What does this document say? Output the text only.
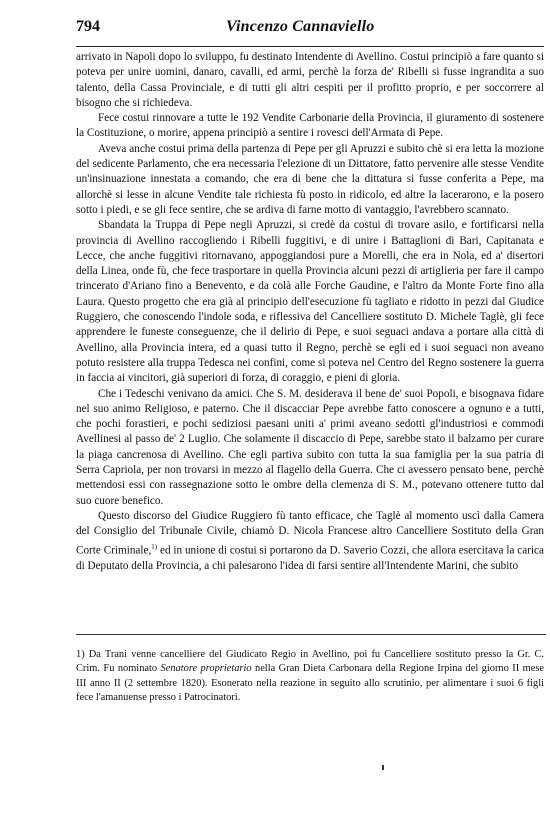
794	Vincenzo Cannaviello

arrivato in Napoli dopo lo sviluppo, fu destinato Intendente di Avellino. Costui principiò a fare quanto si poteva per unire uomini, danaro, cavalli, ed armi, perchè la forza de' Ribelli si fusse ingrandita a suo talento, della Cassa Provinciale, e di tutti gli altri cespiti per il profitto proprio, e per soccorrere al bisogno che si richiedeva.

Fece costui rinnovare a tutte le 192 Vendite Carbonarie della Provincia, il giuramento di sostenere la Costituzione, o morire, appena principiò a sentire i rovesci dell'Armata di Pepe.

Aveva anche costui prima della partenza di Pepe per gli Apruzzi e subito chè si era letta la mozione del sedicente Parlamento, che era necessaria l'elezione di un Dittatore, fatto pervenire alle stesse Vendite un'insinuazione innestata a comando, che era di bene che la dittatura si fusse conferita a Pepe, ma allorchè si lesse in alcune Vendite tale richiesta fù posto in ridicolo, ed altre la lacerarono, e la posero sotto i piedi, e se gli fece sentire, che se ardiva di farne motto di vantaggio, l'avrebbero scannato.

Sbandata la Truppa di Pepe negli Apruzzi, si credè da costui di trovare asilo, e fortificarsi nella provincia di Avellino raccogliendo i Ribelli fuggitivi, e di unire i Battaglioni di Bari, Capitanata e Lecce, che anche fuggitivi ritornavano, appoggiandosi pure a Morelli, che era in Nola, ed a' disertori della Linea, onde fù, che fece trasportare in quella Provincia alcuni pezzi di artiglieria per fare il campo trincerato d'Ariano fino a Benevento, e da colà alle Forche Gaudine, e l'altro da Monte Forte fino alla Laura. Questo progetto che era già al principio dell'esecuzione fù tagliato e ridotto in pezzi dal Giudice Ruggiero, che conoscendo l'indole soda, e riflessiva del Cancelliere sostituto D. Michele Taglè, gli fece apprendere le funeste conseguenze, che il delirio di Pepe, e suoi seguaci andava a portare alla città di Avellino, alla Provincia intera, ed a quasi tutto il Regno, perchè se egli ed i suoi seguaci non aveano potuto resistere alla truppa Tedesca nei confini, come si poteva nel Centro del Regno sostenere la guerra in faccia ai vincitori, già superiori di forza, di coraggio, e pieni di gloria.

Che i Tedeschi venivano da amici. Che S. M. desiderava il bene de' suoi Popoli, e bisognava fidare nel suo animo Religioso, e paterno. Che il discacciar Pepe avrebbe fatto conoscere a ognuno e a tutti, che pochi forastieri, e pochi sediziosi paesani uniti a' primi aveano sedotti gl'industriosi e commodi Avellinesi al passo de' 2 Luglio. Che solamente il discaccio di Pepe, sarebbe stato il balzamo per curare la piaga cancrenosa di Avellino. Che egli partiva subito con tutta la sua famiglia per la sua patria di Serra Capriola, per non trovarsi in mezzo al flagello della Guerra. Che ci avessero pensato bene, perchè mettendosi essi con rassegnazione sotto le ombre della clemenza di S. M., potevano ottenere tutto dal suo cuore benefico.

Questo discorso del Giudice Ruggiero fù tanto efficace, che Taglè al momento uscì dalla Camera del Consiglio del Tribunale Civile, chiamò D. Nicola Francese altro Cancelliere Sostituto della Gran Corte Criminale,$^{1)}$ ed in unione di costui si portarono da D. Saverio Cozzi, che allora esercitava la carica di Deputato della Provincia, a chi palesarono l'idea di farsi sentire all'Intendente Marini, che subito

1) Da Trani venne cancelliere del Giudicato Regio in Avellino, poi fu Cancelliere sostituto presso la Gr. C. Crim. Fu nominato Senatore proprietario nella Gran Dieta Carbonara della Regione Irpina del giorno II mese III anno II (2 settembre 1820). Esonerato nella reazione in seguito allo scrutinio, per alimentare i suoi 6 figli fece l'amanuense presso i Patrocinatori.
